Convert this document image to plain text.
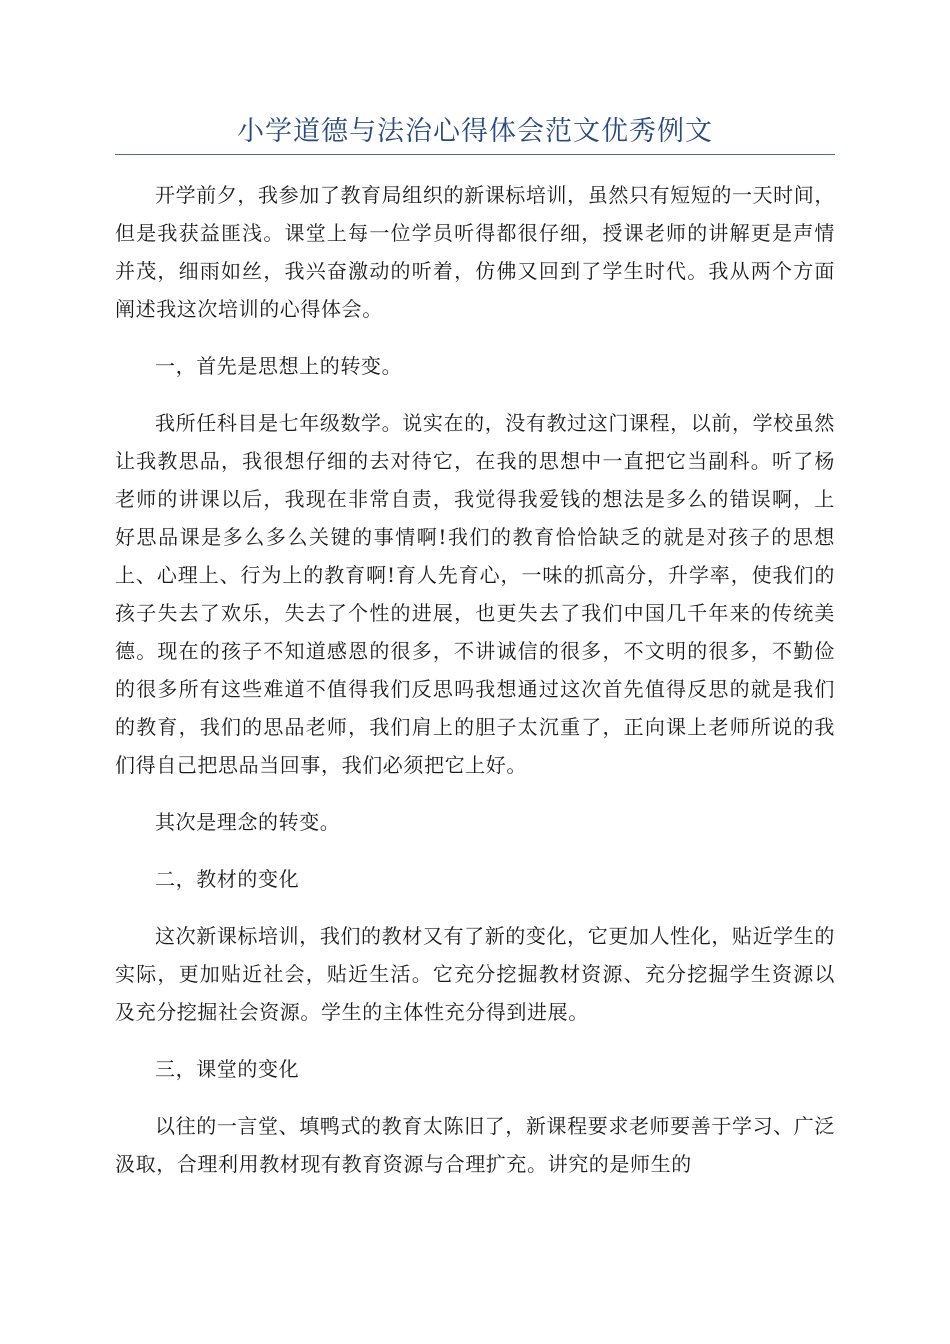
小学道德与法治心得体会范文优秀例文

开学前夕，我参加了教育局组织的新课标培训，虽然只有短短的一天时间，但是我获益匪浅。课堂上每一位学员听得都很仔细，授课老师的讲解更是声情并茂，细雨如丝，我兴奋激动的听着，仿佛又回到了学生时代。我从两个方面阐述我这次培训的心得体会。

一，首先是思想上的转变。

我所任科目是七年级数学。说实在的，没有教过这门课程，以前，学校虽然让我教思品，我很想仔细的去对待它，在我的思想中一直把它当副科。听了杨老师的讲课以后，我现在非常自责，我觉得我爱钱的想法是多么的错误啊，上好思品课是多么多么关键的事情啊!我们的教育恰恰缺乏的就是对孩子的思想上、心理上、行为上的教育啊!育人先育心，一味的抓高分，升学率，使我们的孩子失去了欢乐，失去了个性的进展，也更失去了我们中国几千年来的传统美德。现在的孩子不知道感恩的很多，不讲诚信的很多，不文明的很多，不勤俭的很多所有这些难道不值得我们反思吗我想通过这次首先值得反思的就是我们的教育，我们的思品老师，我们肩上的胆子太沉重了，正向课上老师所说的我们得自己把思品当回事，我们必须把它上好。

其次是理念的转变。

二，教材的变化

这次新课标培训，我们的教材又有了新的变化，它更加人性化，贴近学生的实际，更加贴近社会，贴近生活。它充分挖掘教材资源、充分挖掘学生资源以及充分挖掘社会资源。学生的主体性充分得到进展。

三，课堂的变化

以往的一言堂、填鸭式的教育太陈旧了，新课程要求老师要善于学习、广泛汲取，合理利用教材现有教育资源与合理扩充。讲究的是师生的
